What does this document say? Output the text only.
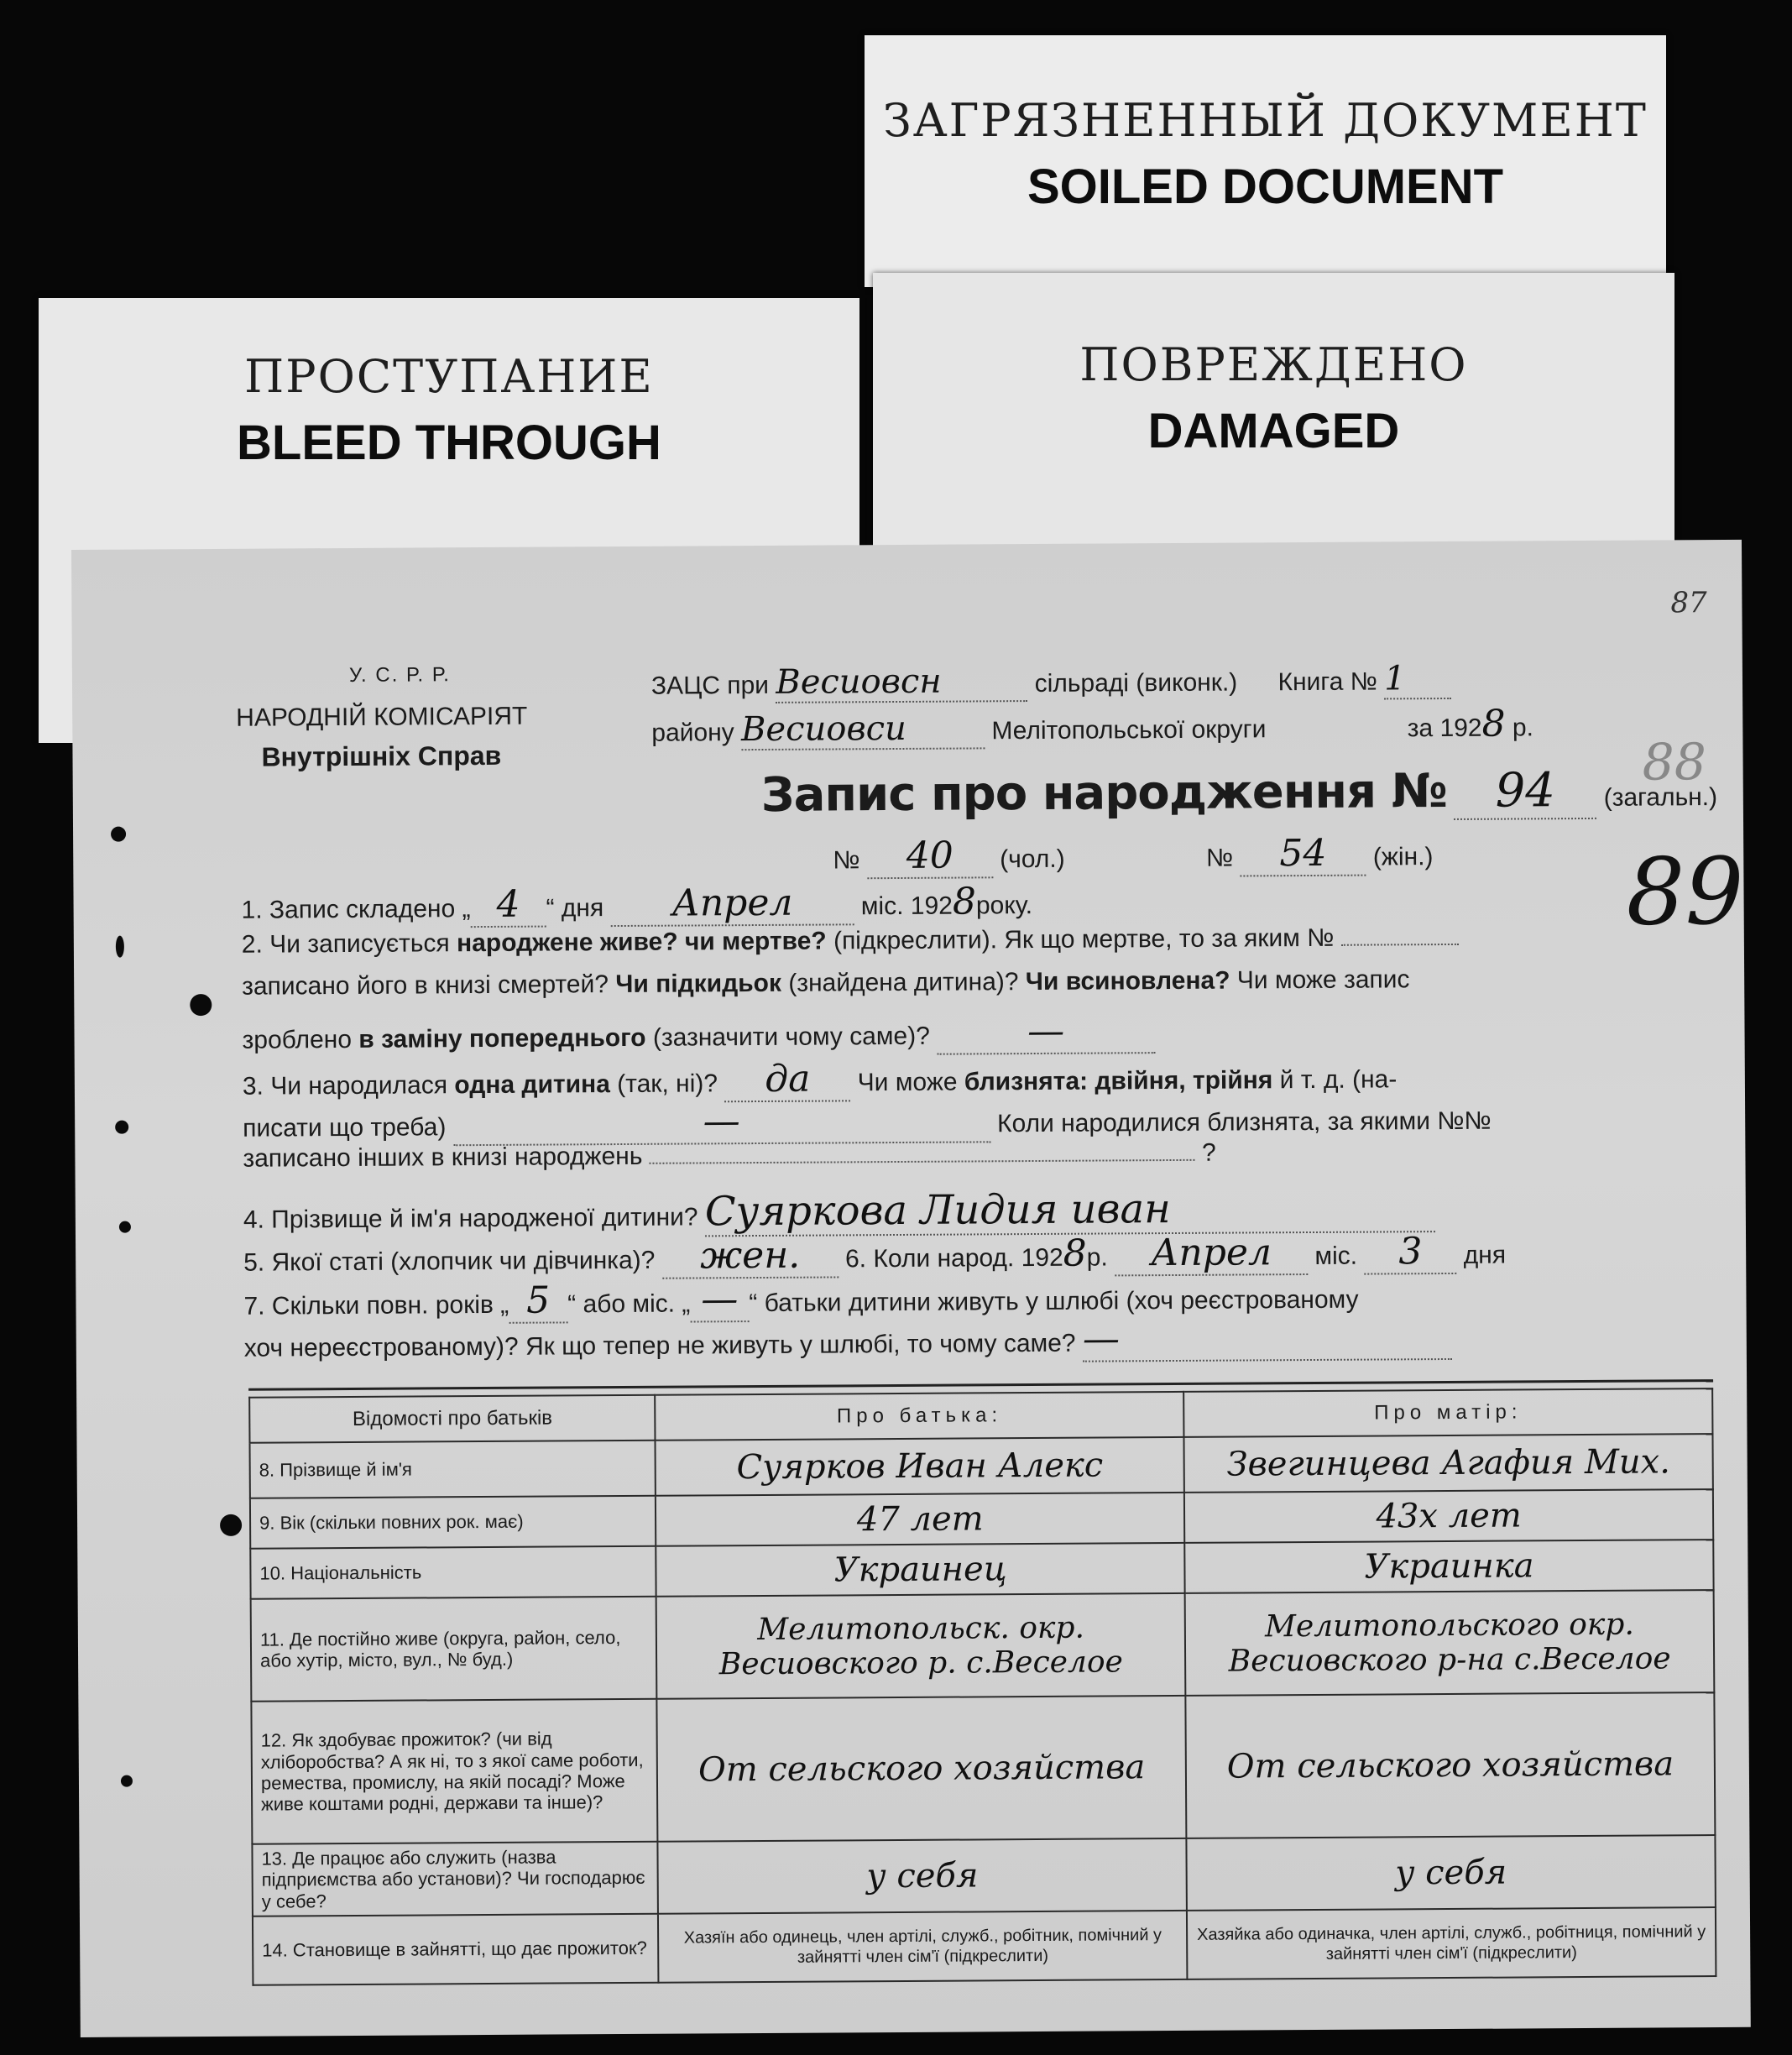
ЗАГРЯЗНЕННЫЙ ДОКУМЕНТ
SOILED DOCUMENT
ПОВРЕЖДЕНО
DAMAGED
ПРОСТУПАНИЕ
BLEED THROUGH
87
88
89
У. С. Р. Р.
НАРОДНІЙ КОМІСАРІЯТ
Внутрішніх Справ
ЗАЦС при Весиовсн	сільраді (виконк.) Книга № 1
району Весиовси	Мелітопольської округи	за 1928 р.
Запис про народження № 94 (загальн.)
№ 40 (чол.)	№ 54 (жін.)
1. Запис складено „ 4 “ дня Апрел	міс. 1928року.
2. Чи записується народжене живе? чи мертве? (підкреслити). Як що мертве, то за яким №
записано його в книзі смертей? Чи підкидьок (знайдена дитина)? Чи всиновлена? Чи може запис
зроблено в заміну попереднього (зазначити чому саме)?	—
3. Чи народилася одна дитина (так, ні)? да Чи може близнята: двійня, трійня й т. д. (на-
писати що треба)	—	Коли народилися близнята, за якими №№
записано інших в книзі народжень	?
4. Прізвище й ім'я народженої дитини? Суяркова Лидия иван
5. Якої статі (хлопчик чи дівчинка)? жен. 6. Коли народ. 1928р. Апрел міс. 3 дня
7. Скільки повн. років „ 5 “ або міс. „ — “ батьки дитини живуть у шлюбі (хоч реєстрованому
хоч нереєстрованому)? Як що тепер не живуть у шлюбі, то чому саме? —
Відомості про батьків	Про батька:	Про матір:
8. Прізвище й ім'я	Суярков Иван Алекс	Звегинцева Агафия Мих.
9. Вік (скільки повних рок. має)	47 лет	43х лет
10. Національність	Украинец	Украинка
11. Де постійно живе (округа, район, село, або хутір, місто, вул., № буд.)	Мелитопольск. окр. Весиовского р. с.Веселое	Мелитопольского окр. Весиовского р-на с.Веселое
12. Як здобуває прожиток? (чи від хліборобства? А як ні, то з якої саме роботи, ремества, промислу, на якій посаді? Може живе коштами родні, держави та інше)?	От сельского хозяйства	От сельского хозяйства
13. Де працює або служить (назва підприємства або установи)? Чи господарює у себе?	у себя	у себя
14. Становище в зайнятті, що дає прожиток?	Хазяїн або одинець, член артілі, служб., робітник, помічний у зайнятті член сім'ї (підкреслити)	Хазяйка або одиначка, член артілі, служб., робітниця, помічний у зайнятті член сім'ї (підкреслити)
